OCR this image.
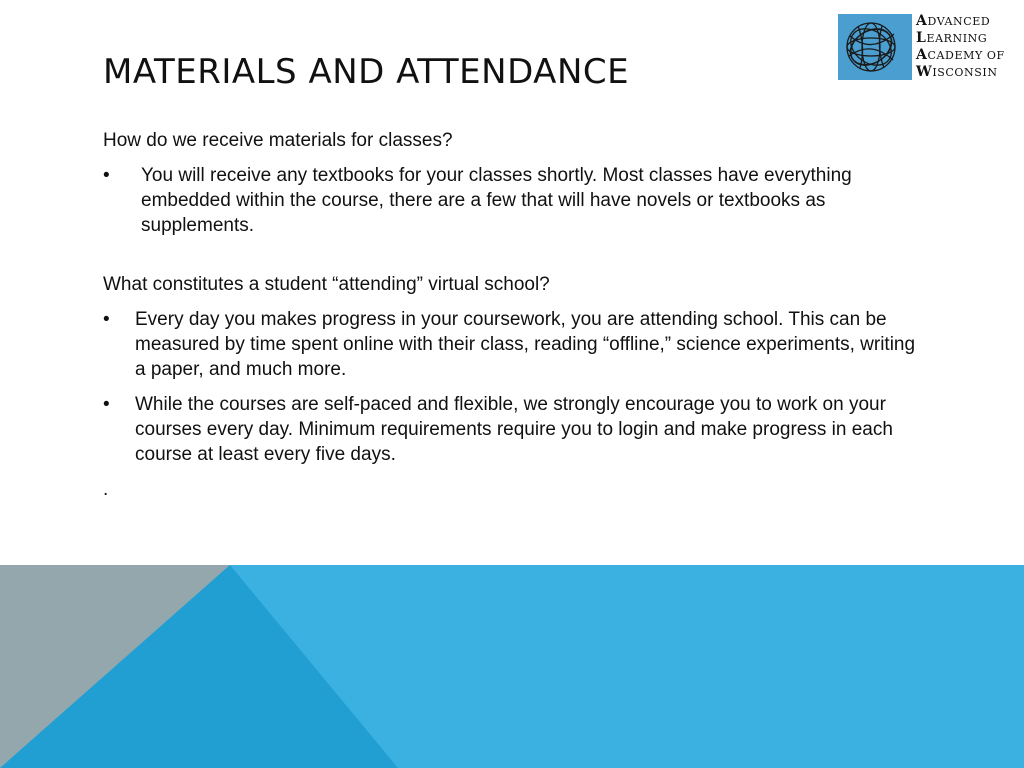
MATERIALS AND ATTENDANCE
ADVANCED
LEARNING
ACADEMY OF
WISCONSIN

How do we receive materials for classes?

•	You will receive any textbooks for your classes shortly. Most classes have everything embedded within the course, there are a few that will have novels or textbooks as supplements.

What constitutes a student “attending” virtual school?

•	Every day you makes progress in your coursework, you are attending school. This can be measured by time spent online with their class, reading “offline,” science experiments, writing a paper, and much more.
•	While the courses are self-paced and flexible, we strongly encourage you to work on your courses every day. Minimum requirements require you to login and make progress in each course at least every five days.

.
